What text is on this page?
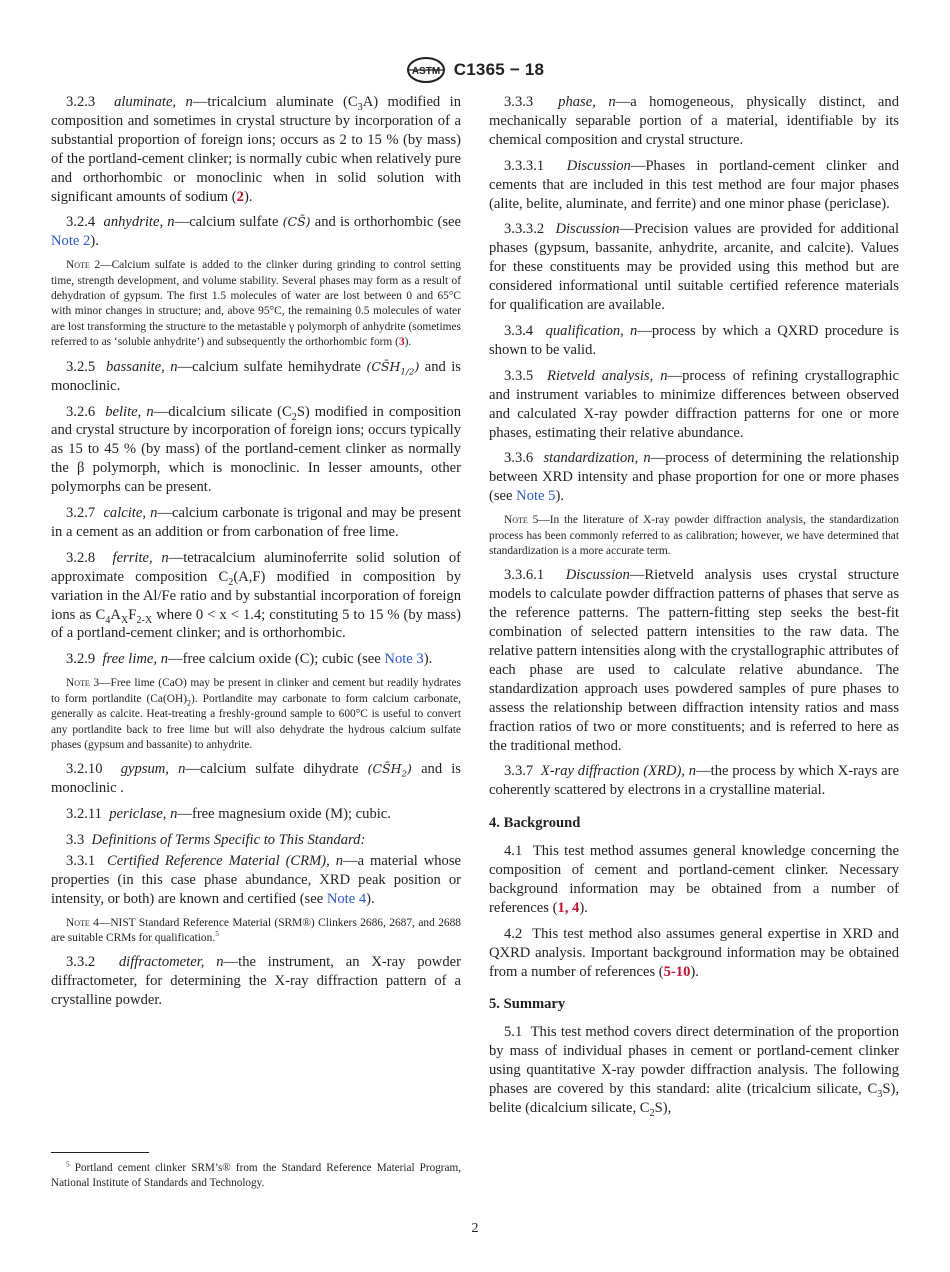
ASTM C1365 − 18

3.2.3 aluminate, n—tricalcium aluminate $(C_3A)$ modified in composition and sometimes in crystal structure by incorporation of a substantial proportion of foreign ions; occurs as 2 to 15 % (by mass) of the portland-cement clinker; is normally cubic when relatively pure and orthorhombic or monoclinic when in solid solution with significant amounts of sodium (2).

3.2.4 anhydrite, n—calcium sulfate (CS̄) and is orthorhombic (see Note 2).

Note 2—Calcium sulfate is added to the clinker during grinding to control setting time, strength development, and volume stability. Several phases may form as a result of dehydration of gypsum. The first 1.5 molecules of water are lost between 0 and 65°C with minor changes in structure; and, above 95°C, the remaining 0.5 molecules of water are lost transforming the structure to the metastable γ polymorph of anhydrite (sometimes referred to as ‘soluble anhydrite’) and subsequently the orthorhombic form (3).

3.2.5 bassanite, n—calcium sulfate hemihydrate $(CS̄H_{1/2})$ and is monoclinic.

3.2.6 belite, n—dicalcium silicate $(C_2S)$ modified in composition and crystal structure by incorporation of foreign ions; occurs typically as 15 to 45 % (by mass) of the portland-cement clinker as normally the β polymorph, which is monoclinic. In lesser amounts, other polymorphs can be present.

3.2.7 calcite, n—calcium carbonate is trigonal and may be present in a cement as an addition or from carbonation of free lime.

3.2.8 ferrite, n—tetracalcium aluminoferrite solid solution of approximate composition $C_2(A,F)$ modified in composition by variation in the Al/Fe ratio and by substantial incorporation of foreign ions as $C_4A_XF_{2-X}$ where 0 < x < 1.4; constituting 5 to 15 % (by mass) of a portland-cement clinker; and is orthorhombic.

3.2.9 free lime, n—free calcium oxide (C); cubic (see Note 3).

Note 3—Free lime (CaO) may be present in clinker and cement but readily hydrates to form portlandite $(Ca(OH)_2)$. Portlandite may carbonate to form calcium carbonate, generally as calcite. Heat-treating a freshly-ground sample to 600°C is useful to convert any portlandite back to free lime but will also dehydrate the hydrous calcium sulfate phases (gypsum and bassanite) to anhydrite.

3.2.10 gypsum, n—calcium sulfate dihydrate $(CS̄H_2)$ and is monoclinic .

3.2.11 periclase, n—free magnesium oxide (M); cubic.

3.3 Definitions of Terms Specific to This Standard:

3.3.1 Certified Reference Material (CRM), n—a material whose properties (in this case phase abundance, XRD peak position or intensity, or both) are known and certified (see Note 4).

Note 4—NIST Standard Reference Material (SRM®) Clinkers 2686, 2687, and 2688 are suitable CRMs for qualification.$^5$

3.3.2 diffractometer, n—the instrument, an X-ray powder diffractometer, for determining the X-ray diffraction pattern of a crystalline powder.

3.3.3 phase, n—a homogeneous, physically distinct, and mechanically separable portion of a material, identifiable by its chemical composition and crystal structure.

3.3.3.1 Discussion—Phases in portland-cement clinker and cements that are included in this test method are four major phases (alite, belite, aluminate, and ferrite) and one minor phase (periclase).

3.3.3.2 Discussion—Precision values are provided for additional phases (gypsum, bassanite, anhydrite, arcanite, and calcite). Values for these constituents may be provided using this method but are considered informational until suitable certified reference materials for qualification are available.

3.3.4 qualification, n—process by which a QXRD procedure is shown to be valid.

3.3.5 Rietveld analysis, n—process of refining crystallographic and instrument variables to minimize differences between observed and calculated X-ray powder diffraction patterns for one or more phases, estimating their relative abundance.

3.3.6 standardization, n—process of determining the relationship between XRD intensity and phase proportion for one or more phases (see Note 5).

Note 5—In the literature of X-ray powder diffraction analysis, the standardization process has been commonly referred to as calibration; however, we have determined that standardization is a more accurate term.

3.3.6.1 Discussion—Rietveld analysis uses crystal structure models to calculate powder diffraction patterns of phases that serve as the reference patterns. The pattern-fitting step seeks the best-fit combination of selected pattern intensities to the raw data. The relative pattern intensities along with the crystallographic attributes of each phase are used to calculate relative abundance. The standardization approach uses powdered samples of pure phases to assess the relationship between diffraction intensity ratios and mass fraction ratios of two or more constituents; and is referred to here as the traditional method.

3.3.7 X-ray diffraction (XRD), n—the process by which X-rays are coherently scattered by electrons in a crystalline material.

4. Background

4.1 This test method assumes general knowledge concerning the composition of cement and portland-cement clinker. Necessary background information may be obtained from a number of references (1, 4).

4.2 This test method also assumes general expertise in XRD and QXRD analysis. Important background information may be obtained from a number of references (5-10).

5. Summary

5.1 This test method covers direct determination of the proportion by mass of individual phases in cement or portland-cement clinker using quantitative X-ray powder diffraction analysis. The following phases are covered by this standard: alite (tricalcium silicate, $C_3S$), belite (dicalcium silicate, $C_2S$),

$^5$ Portland cement clinker SRM’s® from the Standard Reference Material Program, National Institute of Standards and Technology.
2
